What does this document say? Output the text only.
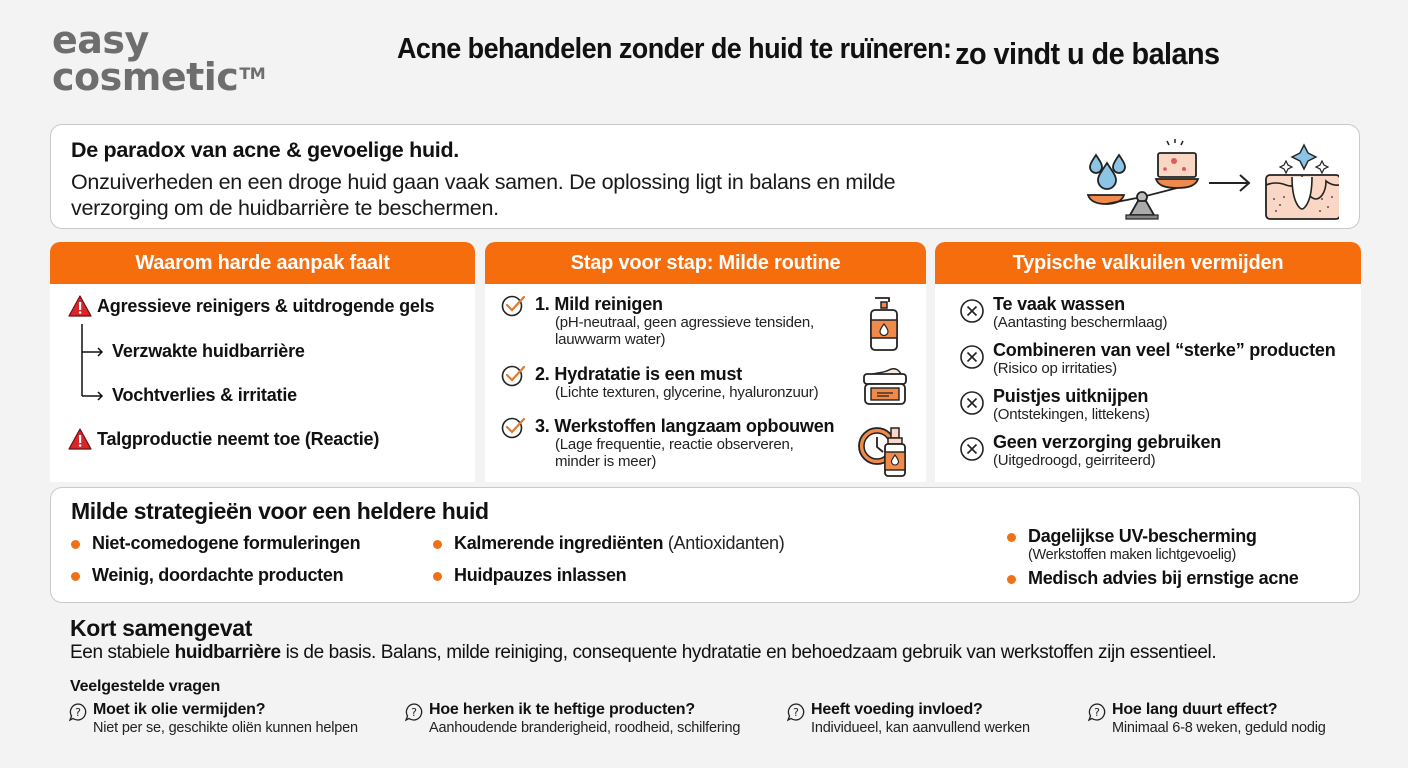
easy
cosmetic™
Acne behandelen zonder de huid te ruïneren: zo vindt u de balans
De paradox van acne & gevoelige huid.

Onzuiverheden en een droge huid gaan vaak samen. De oplossing ligt in balans en milde verzorging om de huidbarrière te beschermen.

Waarom harde aanpak faalt
Agressieve reinigers & uitdrogende gels
Verzwakte huidbarrière
Vochtverlies & irritatie
Talgproductie neemt toe (Reactie)
Stap voor stap: Milde routine
1. Mild reinigen
(pH-neutraal, geen agressieve tensiden, lauwwarm water)
2. Hydratatie is een must
(Lichte texturen, glycerine, hyaluronzuur)
3. Werkstoffen langzaam opbouwen
(Lage frequentie, reactie observeren, minder is meer)
Typische valkuilen vermijden
Te vaak wassen
(Aantasting beschermlaag)
Combineren van veel “sterke” producten
(Risico op irritaties)
Puistjes uitknijpen
(Ontstekingen, littekens)
Geen verzorging gebruiken
(Uitgedroogd, geirriteerd)
Milde strategieën voor een heldere huid
Niet-comedogene formuleringen
Weinig, doordachte producten
Kalmerende ingrediënten
(Antioxidanten)
Huidpauzes inlassen
Dagelijkse UV-bescherming
(Werkstoffen maken lichtgevoelig)
Medisch advies bij ernstige acne
Kort samengevat
Een stabiele huidbarrière is de basis. Balans, milde reiniging, consequente hydratatie en behoedzaam gebruik van werkstoffen zijn essentieel.
Veelgestelde vragen
? Moet ik olie vermijden?
Niet per se, geschikte oliën kunnen helpen
? Hoe herken ik te heftige producten?
Aanhoudende branderigheid, roodheid, schilfering
? Heeft voeding invloed?
Individueel, kan aanvullend werken
? Hoe lang duurt effect?
Minimaal 6-8 weken, geduld nodig
